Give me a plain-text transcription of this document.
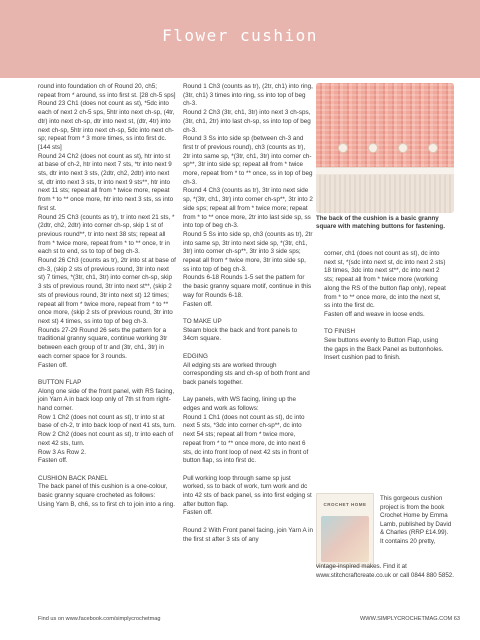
Flower cushion
round into foundation ch of Round 20, ch5; repeat from * around, ss into first st. [28 ch-5 sps]
Round 23 Ch1 (does not count as st), *5dc into each of next 2 ch-5 sps, 5htr into next ch-sp, (4tr, dtr) into next ch-sp, dtr into next st, (dtr, 4tr) into next ch-sp, 5htr into next ch-sp, 5dc into next ch-sp; repeat from * 3 more times, ss into first dc. [144 sts]
Round 24 Ch2 (does not count as st), htr into st at base of ch-2, htr into next 7 sts, *tr into next 9 sts, dtr into next 3 sts, (2dtr, ch2, 2dtr) into next st, dtr into next 3 sts, tr into next 9 sts**, htr into next 11 sts; repeat all from * twice more, repeat from * to ** once more, htr into next 3 sts, ss into first st.
Round 25 Ch3 (counts as tr), tr into next 21 sts, *(2dtr, ch2, 2dtr) into corner ch-sp, skip 1 st of previous round**, tr into next 38 sts; repeat all from * twice more, repeat from * to ** once, tr in each st to end, ss to top of beg ch-3.
Round 26 Ch3 (counts as tr), 2tr into st at base of ch-3, (skip 2 sts of previous round, 3tr into next st) 7 times, *(3tr, ch1, 3tr) into corner ch-sp, skip 3 sts of previous round, 3tr into next st**, (skip 2 sts of previous round, 3tr into next st) 12 times; repeat all from * twice more, repeat from * to ** once more, (skip 2 sts of previous round, 3tr into next st) 4 times, ss into top of beg ch-3.
Rounds 27-29 Round 26 sets the pattern for a traditional granny square, continue working 3tr between each group of tr and (3tr, ch1, 3tr) in each corner space for 3 rounds.
Fasten off.

BUTTON FLAP
Along one side of the front panel, with RS facing, join Yarn A in back loop only of 7th st from right-hand corner.
Row 1 Ch2 (does not count as st), tr into st at base of ch-2, tr into back loop of next 41 sts, turn.
Row 2 Ch2 (does not count as st), tr into each of next 42 sts, turn.
Row 3 As Row 2.
Fasten off.

CUSHION BACK PANEL
The back panel of this cushion is a one-colour, basic granny square crocheted as follows:
Using Yarn B, ch6, ss to first ch to join into a ring.
Round 1 Ch3 (counts as tr), (2tr, ch1) into ring, (3tr, ch1) 3 times into ring, ss into top of beg ch-3.
Round 2 Ch3 (3tr, ch1, 3tr) into next 3 ch-sps, (3tr, ch1, 2tr) into last ch-sp, ss into top of beg ch-3.
Round 3 Ss into side sp (between ch-3 and first tr of previous round), ch3 (counts as tr), 2tr into same sp, *(3tr, ch1, 3tr) into corner ch-sp**, 3tr into side sp; repeat all from * twice more, repeat from * to ** once, ss in top of beg ch-3.
Round 4 Ch3 (counts as tr), 3tr into next side sp, *(3tr, ch1, 3tr) into corner ch-sp**, 3tr into 2 side sps; repeat all from * twice more; repeat from * to ** once more, 2tr into last side sp, ss into top of beg ch-3.
Round 5 Ss into side sp, ch3 (counts as tr), 2tr into same sp, 3tr into next side sp, *(3tr, ch1, 3tr) into corner ch-sp**, 3tr into 3 side sps; repeat all from * twice more, 3tr into side sp, ss into top of beg ch-3.
Rounds 6-18 Rounds 1-5 set the pattern for the basic granny square motif, continue in this way for Rounds 6-18.
Fasten off.

TO MAKE UP
Steam block the back and front panels to 34cm square.

EDGING
All edging sts are worked through corresponding sts and ch-sp of both front and back panels together.

Lay panels, with WS facing, lining up the edges and work as follows:
Round 1 Ch1 (does not count as st), dc into next 5 sts, *3dc into corner ch-sp**, dc into next 54 sts; repeat all from * twice more, repeat from * to ** once more, dc into next 6 sts, dc into front loop of next 42 sts in front of button flap, ss into first dc.

Pull working loop through same sp just worked, ss to back of work, turn work and dc into 42 sts of back panel, ss into first edging st after button flap.
Fasten off.

Round 2 With Front panel facing, join Yarn A in the first st after 3 sts of any
The back of the cushion is a basic granny square with matching buttons for fastening.
corner, ch1 (does not count as st), dc into next st, *(sdc into next st, dc into next 2 sts) 18 times, 3dc into next st**, dc into next 2 sts; repeat all from * twice more (working along the RS of the button flap only), repeat from * to ** once more, dc into the next st, ss into the first dc.
Fasten off and weave in loose ends.

TO FINISH
Sew buttons evenly to Button Flap, using the gaps in the Back Panel as buttonholes.
Insert cushion pad to finish.
CROCHET HOME
This gorgeous cushion project is from the book Crochet Home by Emma Lamb, published by David & Charles (RRP £14.99). It contains 20 pretty,
vintage-inspired makes. Find it at www.stitchcraftcreate.co.uk or call 0844 880 5852.
Find us on www.facebook.com/simplycrochetmag	WWW.SIMPLYCROCHETMAG.COM 63
